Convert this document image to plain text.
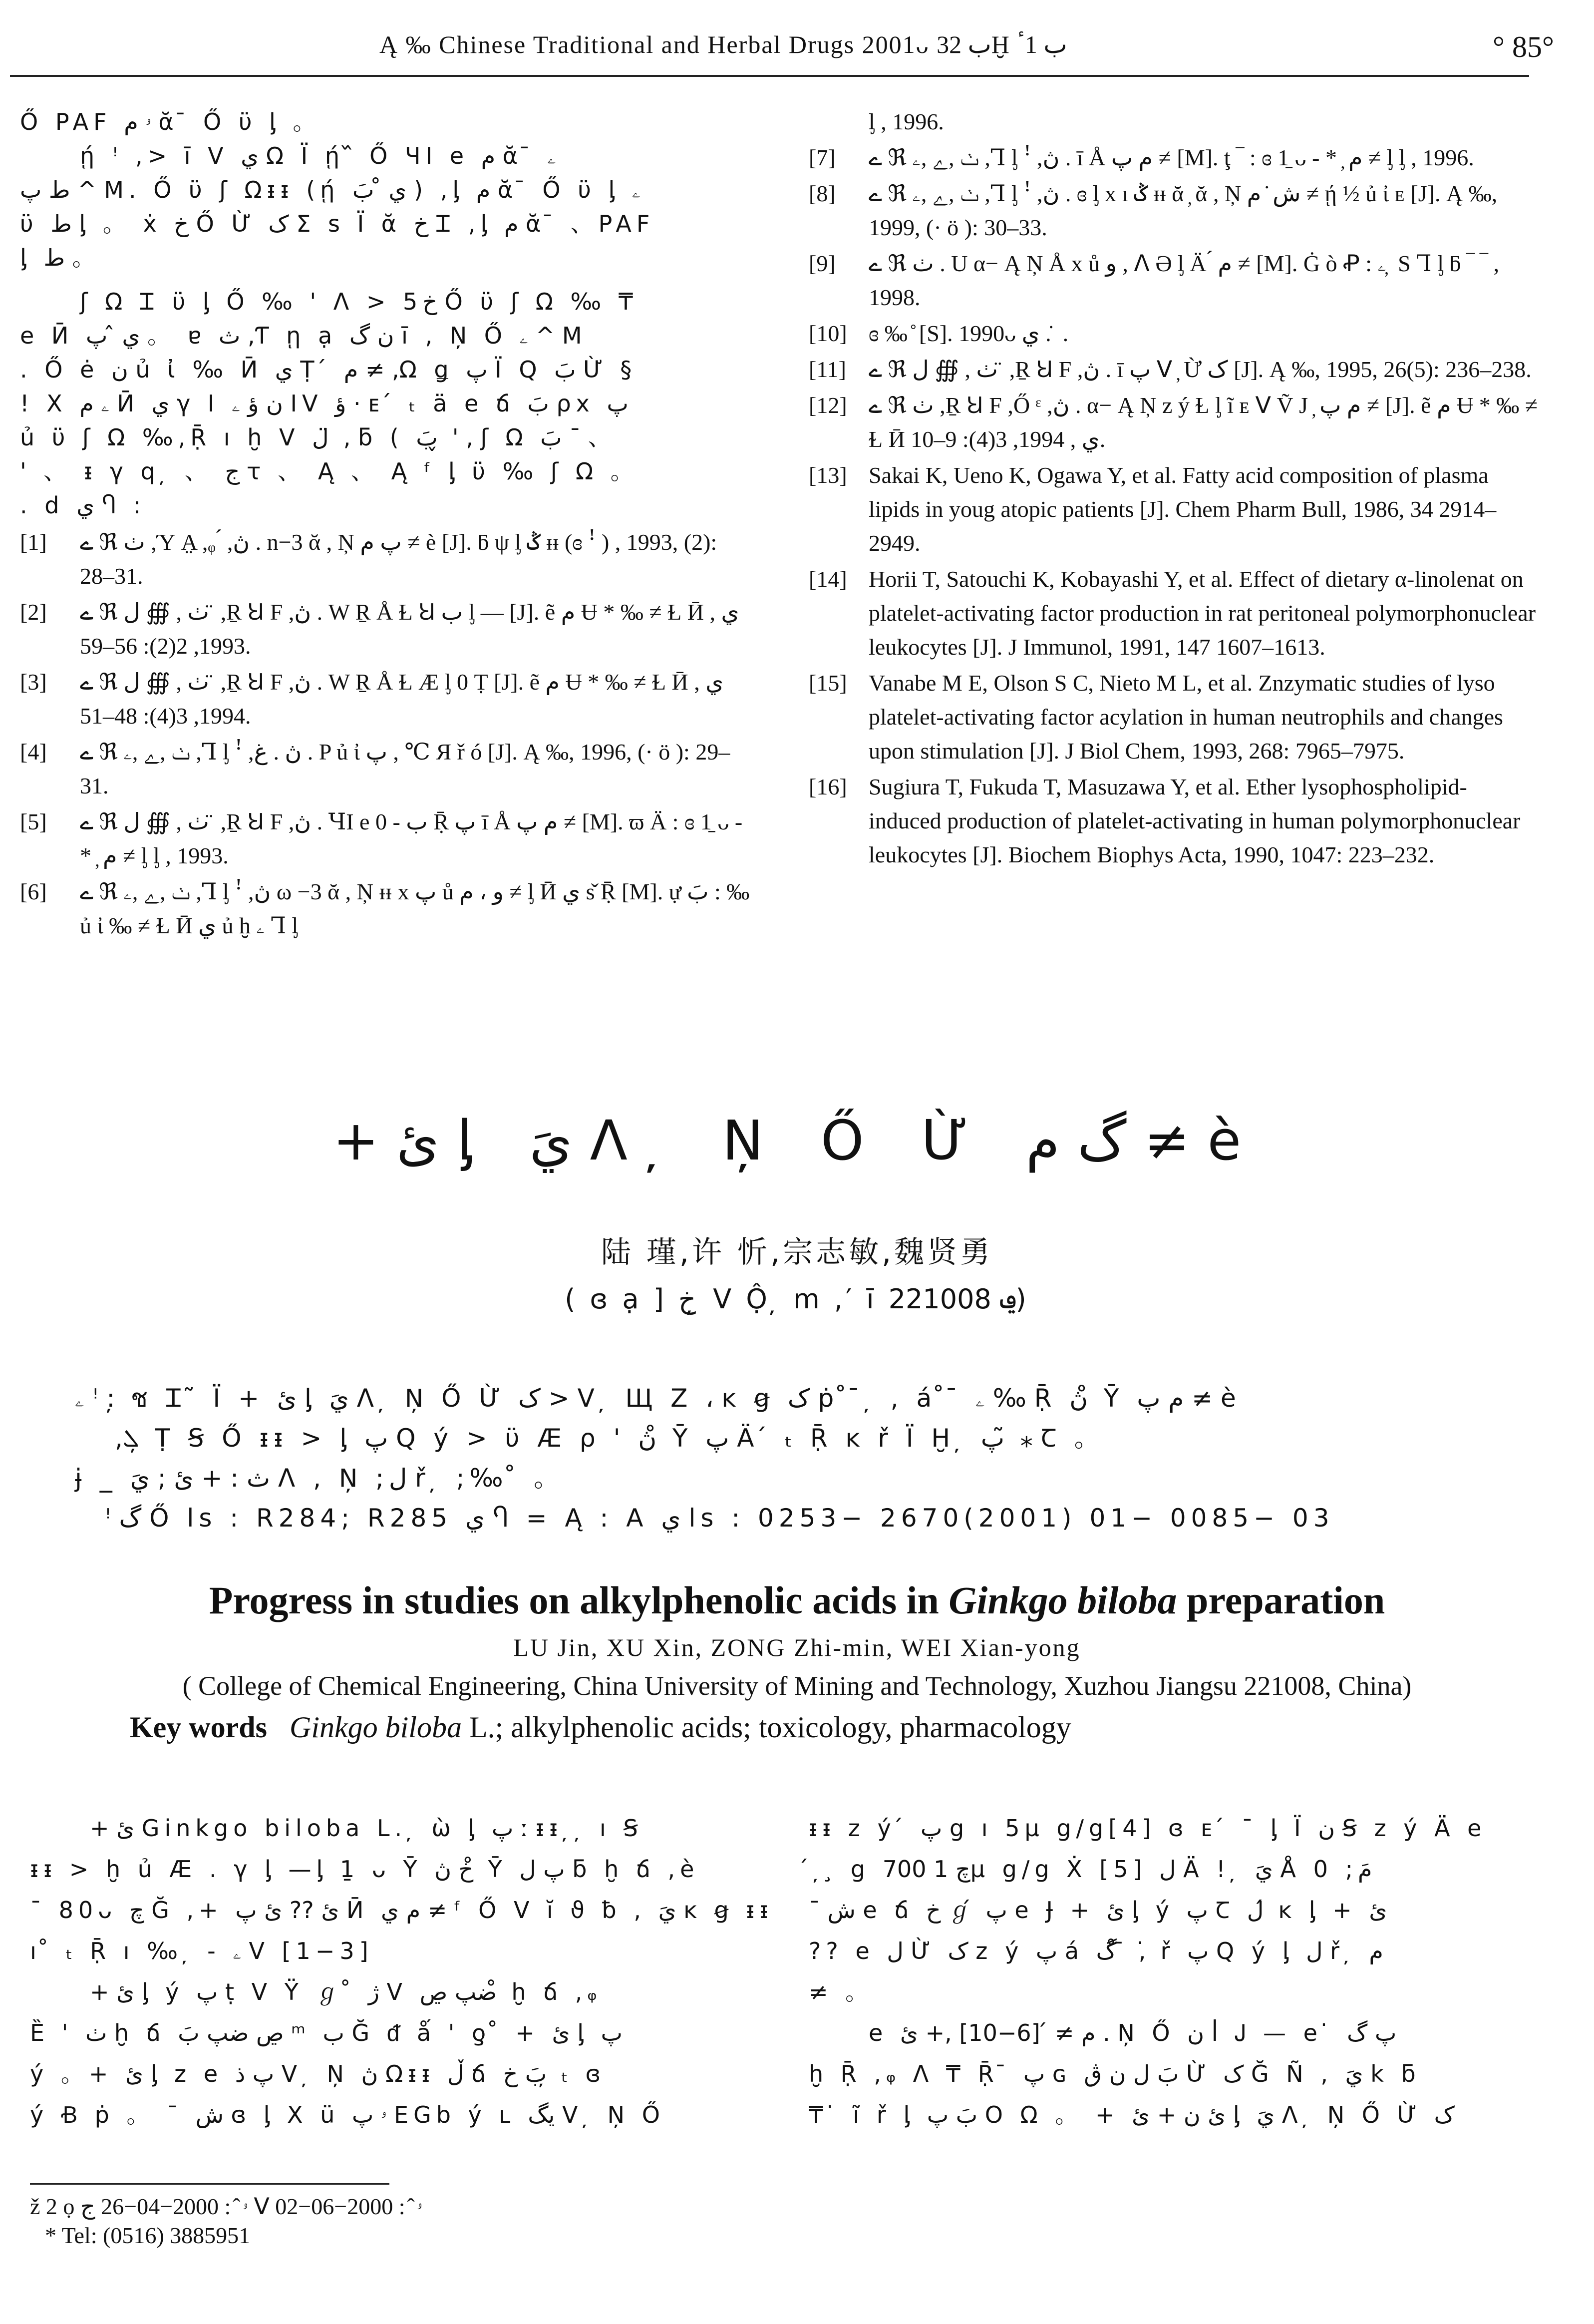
Ą ‰ Chinese Traditional and Herbal Drugs 2001ᴗ ب 32Ḫ ب 1ٴ	° 85°

Ő PAF ۥ م ᾰ ̄ Ő ϋ ᶅ 。

ῄ ꜝ ,> ī ᐯ ي Ω Ϊ ῄ ᷈ Ő ꞍI e م ᾰ ̄ ۦ

ط پ ^ M. Ő ϋ ʃ Ωᵻᵻ (ῄ ي ̊ بَ ) ,ᶅ م ᾰ ̄ Ő ϋ ᶅ ۦ

ϋ ط ᶅ 。 ẋ خ Ő Ừ ک Σ ѕ Ϊ ᾰ خ Ꮖ ,ᶅ م ᾰ ̄ 、PAF

ᶅ ط 。

ʃ Ω Ꮖ ϋ ᶅ Ő ‰ ꞌ ᐱ > 5خ Ő ϋ ʃ Ω ‰ ₸

e Ӣ ي ̂ پ 。 ɐ ث ,Ƭ ῃ ạ ن گ ī , Ņ Ő ۦ ^ M

. Ő ė ن ủ ἰ ‰ Ӣ ي Ṭ ́ م ≠ ,Ω ǥ پ Ϊ Q بَ Ừ §

! X ۦ م Ӣ ي γ Ι ن ؤ ۦ IV ؤ · ᴇ ́ ₜ ä e ճ بَ ρx پ

ủ ϋ ʃ Ω ‰,Ṝ ı ḫ ᐯ ل ̈ , ƃ ( بَ ̬ ' , ʃ Ω بَ ˉ 、

' 、 ᵻ γ q ̦ 、 ج ꚍ 、 Ą 、 Ą ᶠ ᶅ ϋ ‰ ʃ Ω 。

. d ي Ⴄ :

[1] ے ℜ ٺ ,Ύ A̤ ,ᵩ ́ ,ڽ . n−3 ᾰ , Ņ پ م ≠ è [J]. ƃ ψ ᶅ ݣ ᵻᵻ (ɞ ꜝ ) , 1993, (2): 28–31.
[2] ے ℜ ٺ , ∰ ل ̈ ,Ṟ Ꞟ F ,ڽ . W Ṟ Å Ɫ Ꞟ ب ᶅ — [J]. ẽ م Ʉ * ‰ ≠ Ɫ Ӣ ي , 1993, 2(2): 56–59.
[3] ے ℜ ٺ , ∰ ل ̈ ,Ṟ Ꞟ F ,ڽ . W Ṟ Å Ɫ Æ ᶅ 0 Ṭ [J]. ẽ م Ʉ * ‰ ≠ Ɫ Ӣ ي , 1994, 3(4): 48–51.
[4] ے ℜ ٺ ,ے ,ۦ ,Ꞁ ᶅ ꜝ ,ڽ . غ . P ủ ἰ پ , ℃ Я ř ó [J]. Ą ‰, 1996, (· ö ): 29–31.
[5] ے ℜ ٺ , ∰ ل ̈ ,Ṟ Ꞟ F ,ڽ . ꞍI e ب - 0 Ṝ پ ī Å م پ ≠ [M]. ϖ Ä : ɞ 1̱ ᴗ - * ̦ م ≠ ᶅ ᶅ , 1993.
[6] ے ℜ ٺ ,ے ,ۦ ,Ꞁ ᶅ ꜝ ,ڽ ω −3 ᾰ , Ņ ᵻᵻ x پ ů و ، م ≠ ᶅ Ӣ ي ѕ̌ Ṝ [M]. ự بَ : ‰ ủ ἰ ‰ ≠ Ɫ Ӣ ي ủ ḫ ۦ Ꞁ ᶅ
ᶅ , 1996.
[7] ے ℜ ٺ ,ے ,ۦ ,Ꞁ ᶅ ꜝ ,ڽ . ī Å م پ ≠ [M]. ţ ‾ : ɞ 1̱ ᴗ - * ̦ م ≠ ᶅ ᶅ , 1996.
[8] ے ℜ ٺ ,ے ,ۦ ,Ꞁ ᶅ ꜝ ,ڽ . ɞ ᶅ x ı ݣ ᵻᵻ ᾰ ̦ ᾰ , Ņ ش ̇ م ≠ ῄ ½ ủ ἰ ᴇ [J]. Ą ‰, 1999, (· ö ): 30–33.
[9] ے ℜ ٺ . U α− Ą Ņ Å x ů و , ᐱ Ə ᶅ Ä ́ م ≠ [M]. Ġ ò Ꝓ : ۦ ̦ S Ꞁ ᶅ ƃ ‾ ‾ , 1998.
[10] ɞ ‰ ̊ [S]. 1990ᴗ ي . ̇ .
[11] ے ℜ ٺ , ∰ ل ̈ ,Ṟ Ꞟ F ,ڽ . ī پ ᐯ ̦ Ừ ک [J]. Ą ‰, 1995, 26(5): 236–238.
[12] ے ℜ ٺ ,Ṟ Ꞟ F ,Ő ᵋ ,ڽ . α− Ą Ņ z ý Ɫ ᶅ ĩ ᴇ ᐯ Ṽ J ̦ م پ ≠ [J]. ẽ م Ʉ * ‰ ≠ Ɫ Ӣ ي , 1994, 3(4): 9–10.
[13] Sakai K, Ueno K, Ogawa Y, et al. Fatty acid composition of plasma lipids in youg atopic patients [J]. Chem Pharm Bull, 1986, 34 2914–2949.
[14] Horii T, Satouchi K, Kobayashi Y, et al. Effect of dietary α-linolenat on platelet-activating factor production in rat peritoneal polymorphonuclear leukocytes [J]. J Immunol, 1991, 147 1607–1613.
[15] Vanabe M E, Olson S C, Nieto M L, et al. Znzymatic studies of lyso platelet-activating factor acylation in human neutrophils and changes upon stimulation [J]. J Biol Chem, 1993, 268: 7965–7975.
[16] Sugiura T, Fukuda T, Masuzawa Y, et al. Ether lysophospholipid-induced production of platelet-activating in human polymorphonuclear leukocytes [J]. Biochem Biophys Acta, 1990, 1047: 223–232.
+ ئ ᶅ يَ ᐱ ̦ Ņ Ő Ừ گ م ≠ è
陆 瑾,许 忻,宗志敏,魏贤勇
( ɞ ạ ] خ ̦ ᐯ Ộ ̦ m ,′ ī ݠ 221008)
ۦ ꜝ : ̦ ช Ꮖ ̃ Ϊ + ئ ᶅ يَ ᐱ ̦ Ņ Ő Ừ ک > ᐯ ̦ Щ Ζ ، ĸ ꞡ ک ṗ ̊ ̄ ̦ , á ̊ ̄ ۦ ‰ Ṝ ڽ ̊ Ῡ م پ ≠ è
,ܠ ̦ Ṭ Ꞩ Ő ᵻᵻ > ᶅ پ Q ý > ϋ Æ ρ ' ڽ ̊ Ῡ پ Ä ́ ₜ Ṝ ĸ ř Ϊ Ḫ ̦ پ ̃ ⁎ Ꞇ 。
ɉ _ ث : + ئ ; يَ ᐱ , Ņ ;ل ř ̦ ;‰ ̊ 。
ꜝ گ Ő ls : R284; R285 ي Ⴄ = Ą : A ي ls : 0253− 2670(2001) 01− 0085− 03
Progress in studies on alkylphenolic acids in Ginkgo biloba preparation
LU Jin, XU Xin, ZONG Zhi-min, WEI Xian-yong
( College of Chemical Engineering, China University of Mining and Technology, Xuzhou Jiangsu 221008, China)
Key words Ginkgo biloba L.; alkylphenolic acids; toxicology, pharmacology
+ ئ Ginkgo biloba L. ̦ ὼ ᶅ پ ː ᵻᵻ ̦ ̦ ı Ꞩ
ᵻᵻ > ḫ ủ Æ . γ ᶅ —ᶅ 1̱ ᴗ Ῡ خ ڽ ̊ Ῡ پ ل ƃ ḫ ճ ,è
ˉ 80ᴗ چ Ğ ,+ ئ ?? ئ پ Ӣ م ي ≠ ᶠ Ő ᐯ ĭ ϑ ƀ , يَ ĸ ꞡ ᵻᵻ
ı ̊ ₜ Ṝ ı ‰ ̦ - ۦ ᐯ [1−3]
+ ئ ᶅ ý پ ṭ ᐯ Ÿ ℊ ̊ ژ ᐯ ضپ ڝ ̊ ḫ ճ ,ᵩ
Ȅ ' ٺ ḫ ճ ڝ ضپ بَ ᵐ ب Ğ ᵭ ǻ ' ƍ ̊ + ئ ᶅ پ
ý 。+ ئ ᶅ z e پ ذ ᐯ ̦ Ņ ڽ Ωᵻᵻ ڵ ճ بَ خ ̦ ₜ ɞ
ý Ꞗ ṗ 。 ˉ ش ɞ ᶅ X ü ۥ پ EGb ý ʟ يگ ᐯ ̦ Ņ Ő
ᵻᵻ z ý ́ پ g ı 5μ g/g[4] ɞ ᴇ ́ ˉ ᶅ Ï ن Ꞩ z ý Ä e
́ ̦ ̧ g چ 1 700μ g/g Ẋ [5] ل Ä ! ̦ يَ Å 0 ;مَ
ˉ ش e ճ خ ℊ ́ پ e Ɉ + ئ ᶅ ý پ Ꞇ ل ́ ĸ ᶅ + ئ
?? e ل Ừ ک z ý پ á گ ̊ ̄ , ̇ ř پ Q ý ᶅ ل ř ̦ م
≠ 。
e م ≠ ́ [6−10] ,+ ئ . Ņ Ő ن ꟾ Ꭻ — e ̇ پ گ
ḫ Ṝ ,ᵩ ᐱ ₸ Ṝ ̄ پ ɢ بَ ل ن ڨ Ừ ک Ğ Ñ , يَ k ƃ
₸ ̇ ĩ ř ᶅ بَ پ O Ω 。 + ئ ن + ئ ᶅ يَ ᐱ ̦ Ņ Ő Ừ ک
ž 2 ọ ۥ ̂ : 2000−04−26 ج ᐯ ۥ ̂ : 2000−06−02
* Tel: (0516) 3885951
